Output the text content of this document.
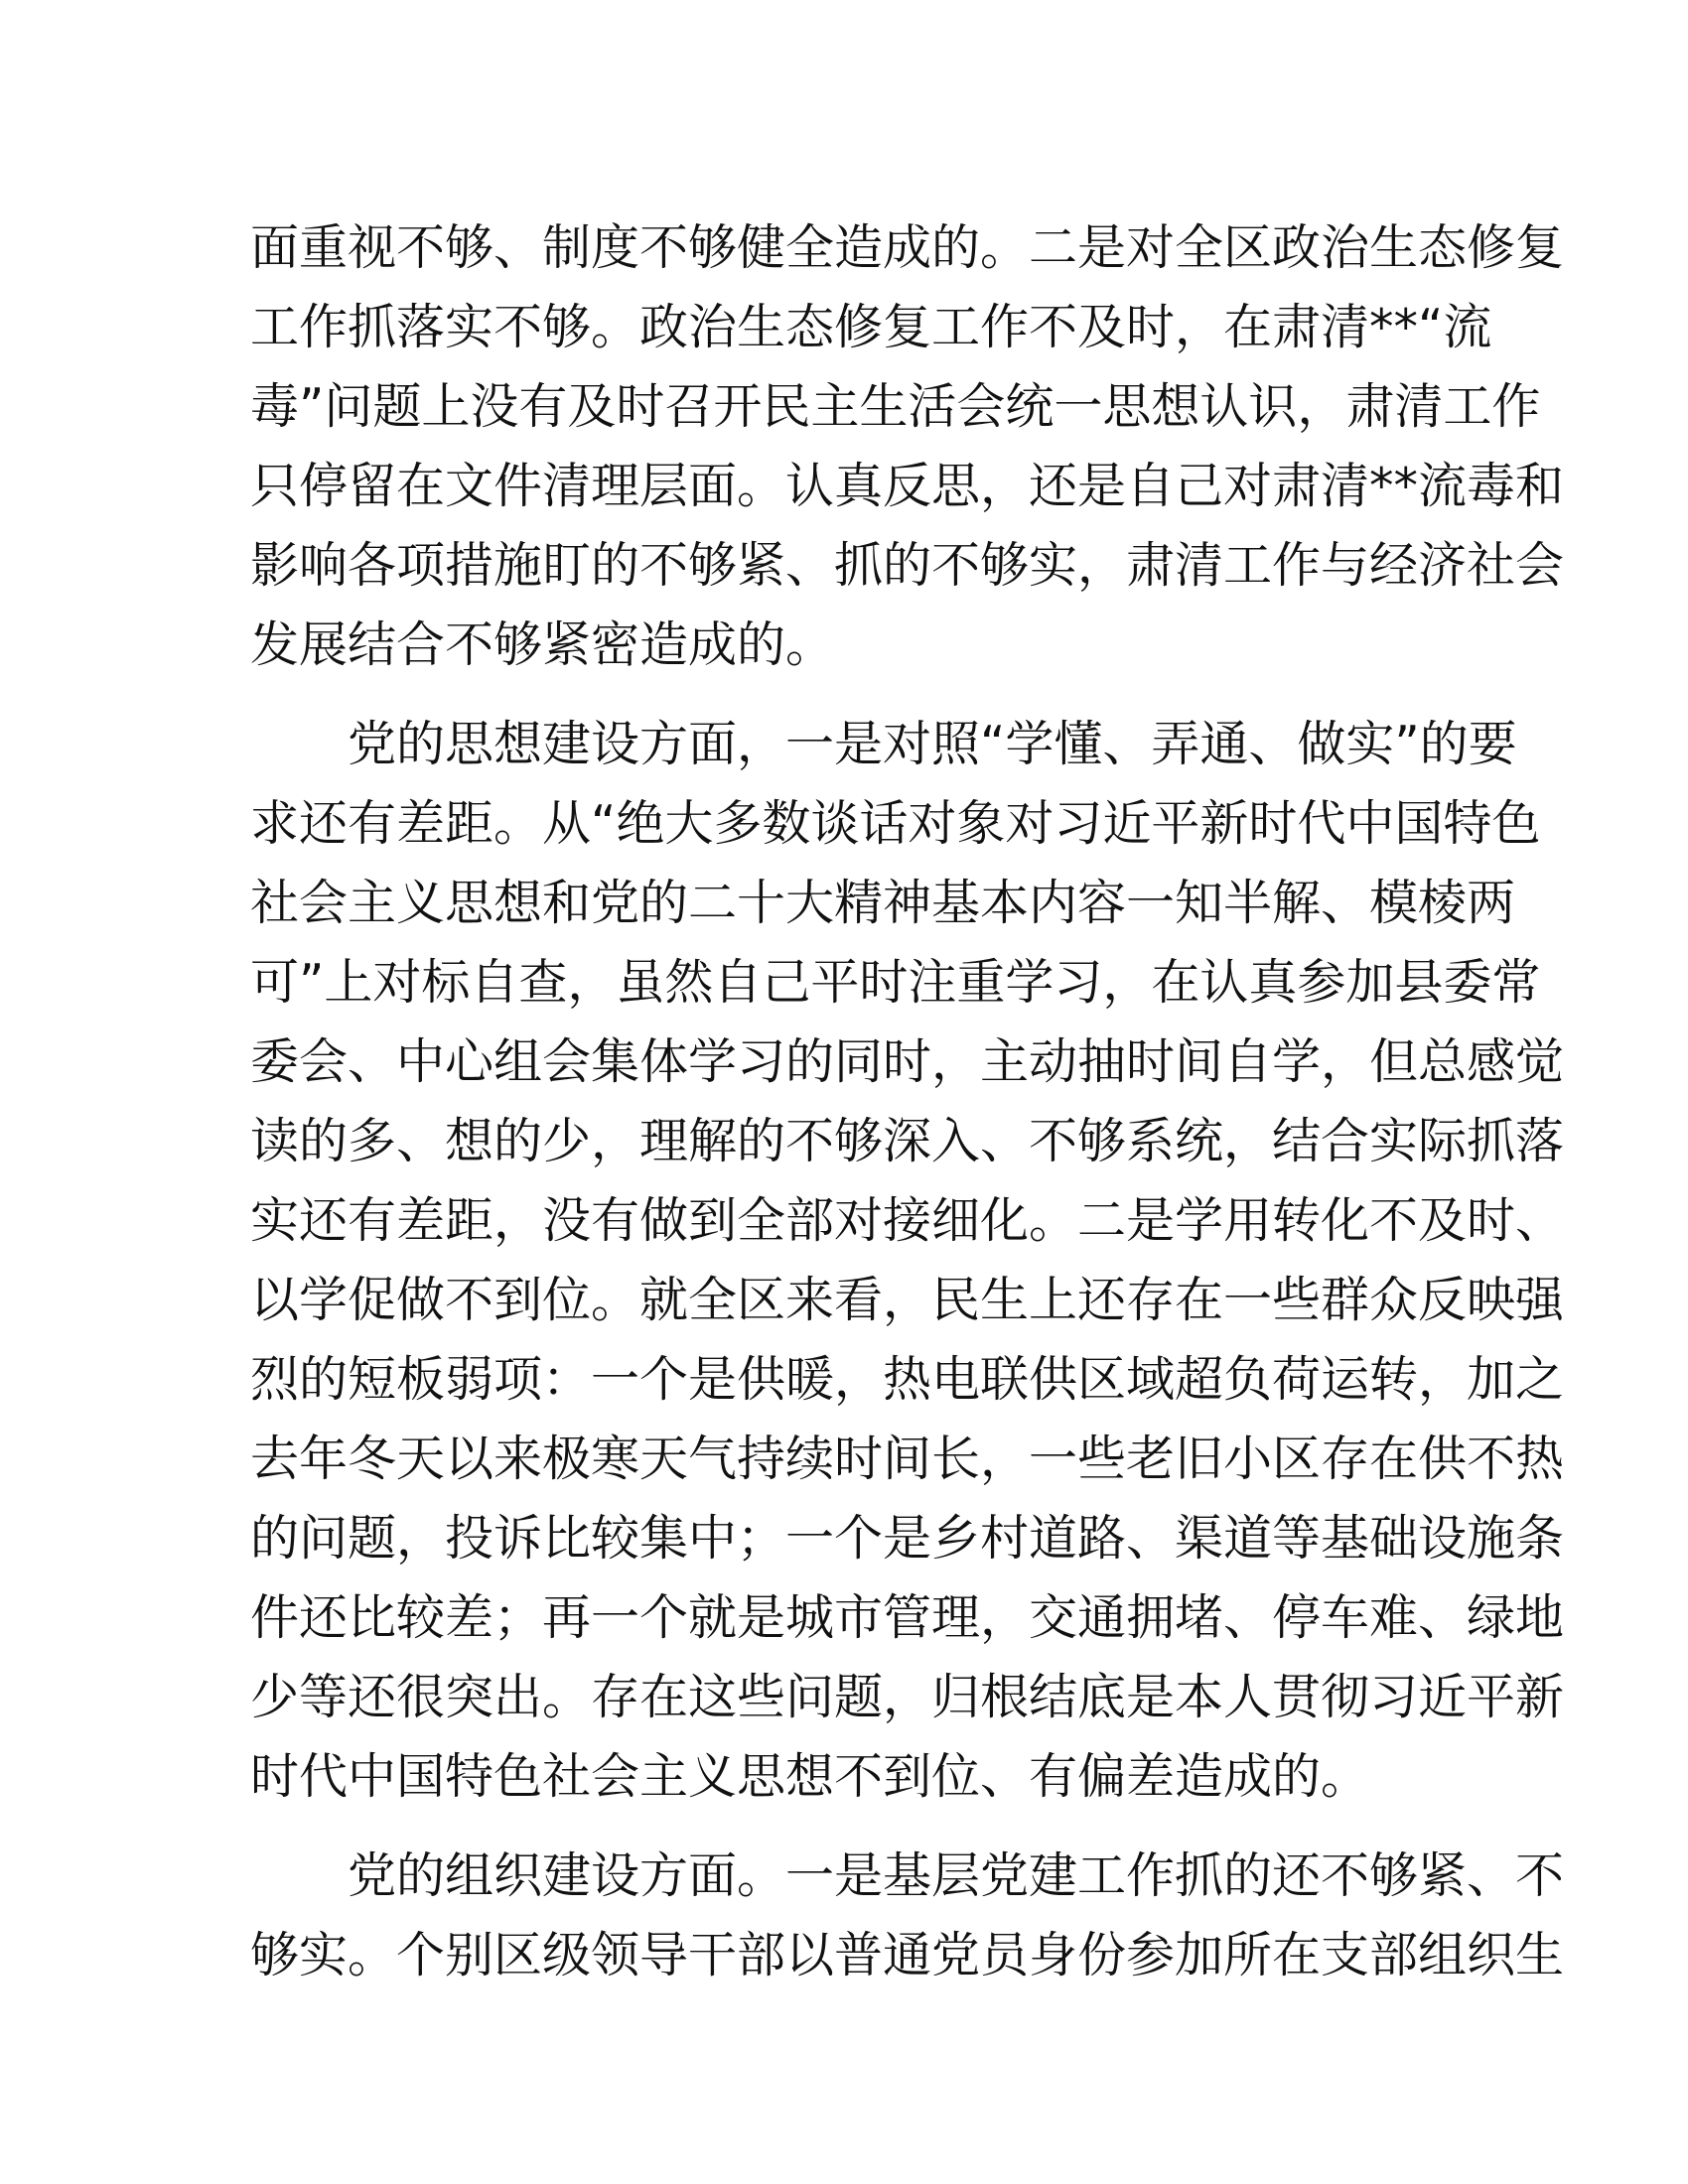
面重视不够、制度不够健全造成的。二是对全区政治生态修复
工作抓落实不够。政治生态修复工作不及时，在肃清**“流
毒”问题上没有及时召开民主生活会统一思想认识，肃清工作
只停留在文件清理层面。认真反思，还是自己对肃清**流毒和
影响各项措施盯的不够紧、抓的不够实，肃清工作与经济社会
发展结合不够紧密造成的。
党的思想建设方面，一是对照“学懂、弄通、做实”的要
求还有差距。从“绝大多数谈话对象对习近平新时代中国特色
社会主义思想和党的二十大精神基本内容一知半解、模棱两
可”上对标自查，虽然自己平时注重学习，在认真参加县委常
委会、中心组会集体学习的同时，主动抽时间自学，但总感觉
读的多、想的少，理解的不够深入、不够系统，结合实际抓落
实还有差距，没有做到全部对接细化。二是学用转化不及时、
以学促做不到位。就全区来看，民生上还存在一些群众反映强
烈的短板弱项：一个是供暖，热电联供区域超负荷运转，加之
去年冬天以来极寒天气持续时间长，一些老旧小区存在供不热
的问题，投诉比较集中；一个是乡村道路、渠道等基础设施条
件还比较差；再一个就是城市管理，交通拥堵、停车难、绿地
少等还很突出。存在这些问题，归根结底是本人贯彻习近平新
时代中国特色社会主义思想不到位、有偏差造成的。
党的组织建设方面。一是基层党建工作抓的还不够紧、不
够实。个别区级领导干部以普通党员身份参加所在支部组织生
